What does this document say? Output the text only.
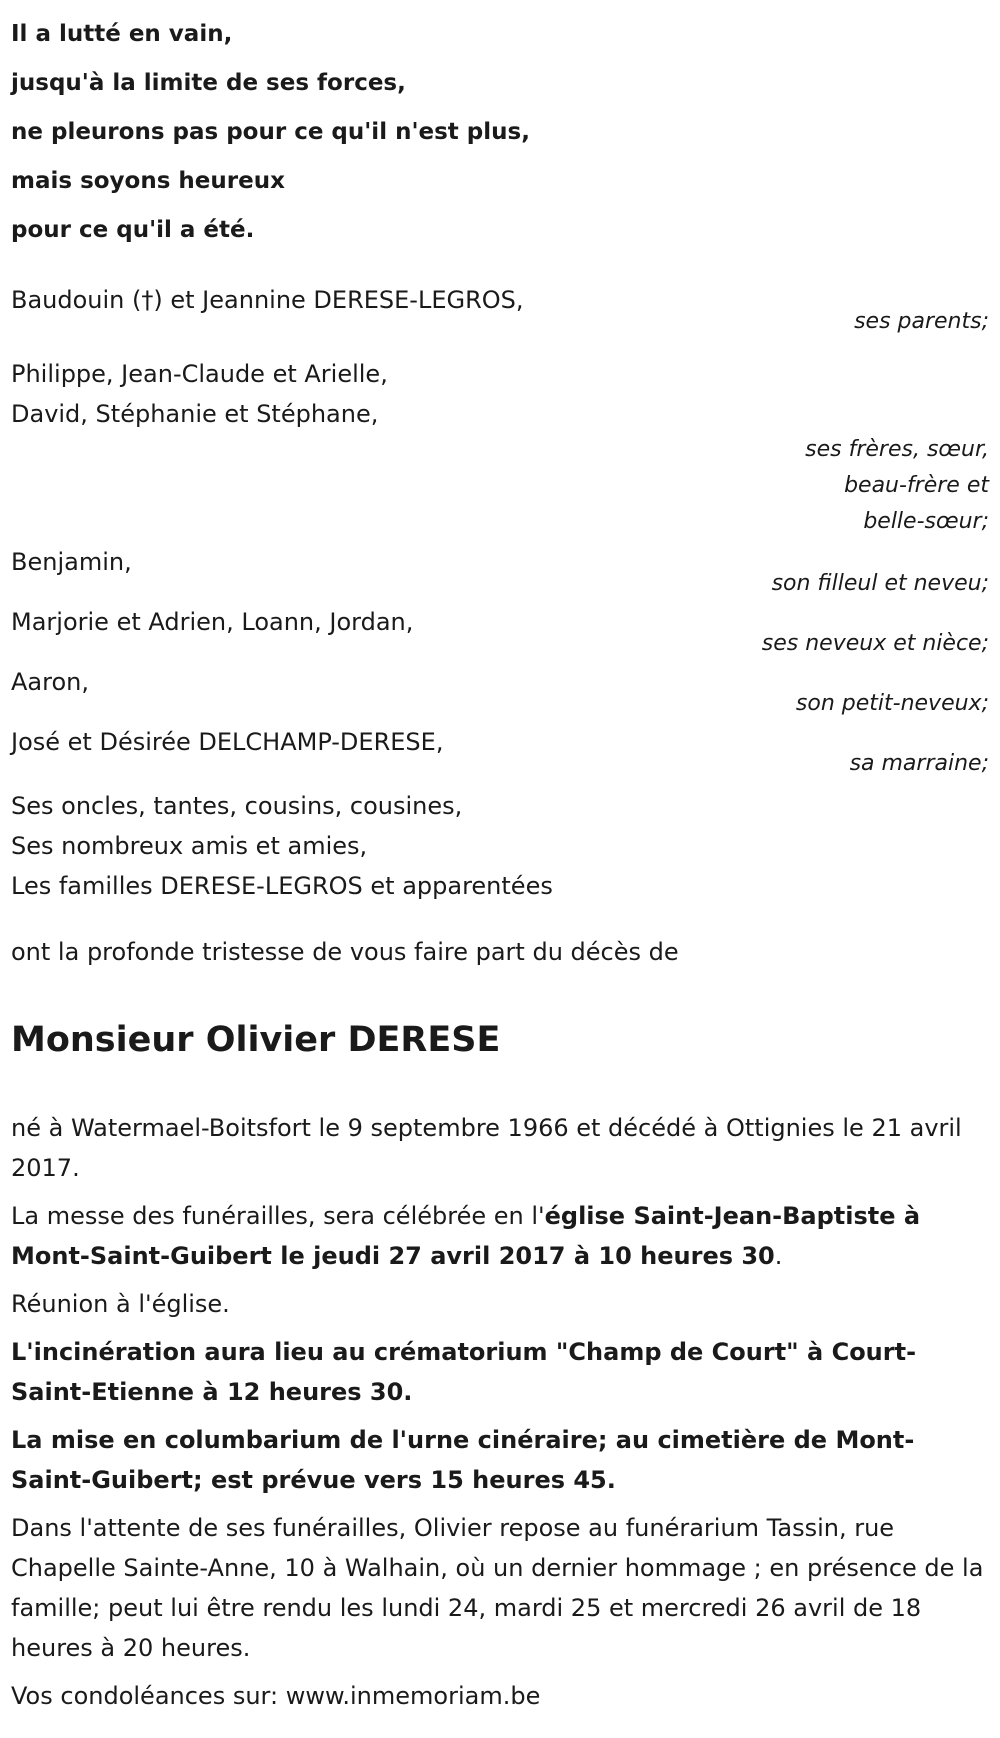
Il a lutté en vain,
jusqu'à la limite de ses forces,
ne pleurons pas pour ce qu'il n'est plus,
mais soyons heureux
pour ce qu'il a été.
Baudouin (†) et Jeannine DERESE-LEGROS,
ses parents;
Philippe, Jean-Claude et Arielle,
David, Stéphanie et Stéphane,
ses frères, sœur,
beau-frère et
belle-sœur;
Benjamin,
son filleul et neveu;
Marjorie et Adrien, Loann, Jordan,
ses neveux et nièce;
Aaron,
son petit-neveux;
José et Désirée DELCHAMP-DERESE,
sa marraine;
Ses oncles, tantes, cousins, cousines,
Ses nombreux amis et amies,
Les familles DERESE-LEGROS et apparentées
ont la profonde tristesse de vous faire part du décès de
Monsieur Olivier DERESE

né à Watermael-Boitsfort le 9 septembre 1966 et décédé à Ottignies le 21 avril 2017.

La messe des funérailles, sera célébrée en l'église Saint-Jean-Baptiste à Mont-Saint-Guibert le jeudi 27 avril 2017 à 10 heures 30.

Réunion à l'église.

L'incinération aura lieu au crématorium "Champ de Court" à Court-Saint-Etienne à 12 heures 30.

La mise en columbarium de l'urne cinéraire; au cimetière de Mont-Saint-Guibert; est prévue vers 15 heures 45.

Dans l'attente de ses funérailles, Olivier repose au funérarium Tassin, rue Chapelle Sainte-Anne, 10 à Walhain, où un dernier hommage ; en présence de la famille; peut lui être rendu les lundi 24, mardi 25 et mercredi 26 avril de 18 heures à 20 heures.

Vos condoléances sur: www.inmemoriam.be
